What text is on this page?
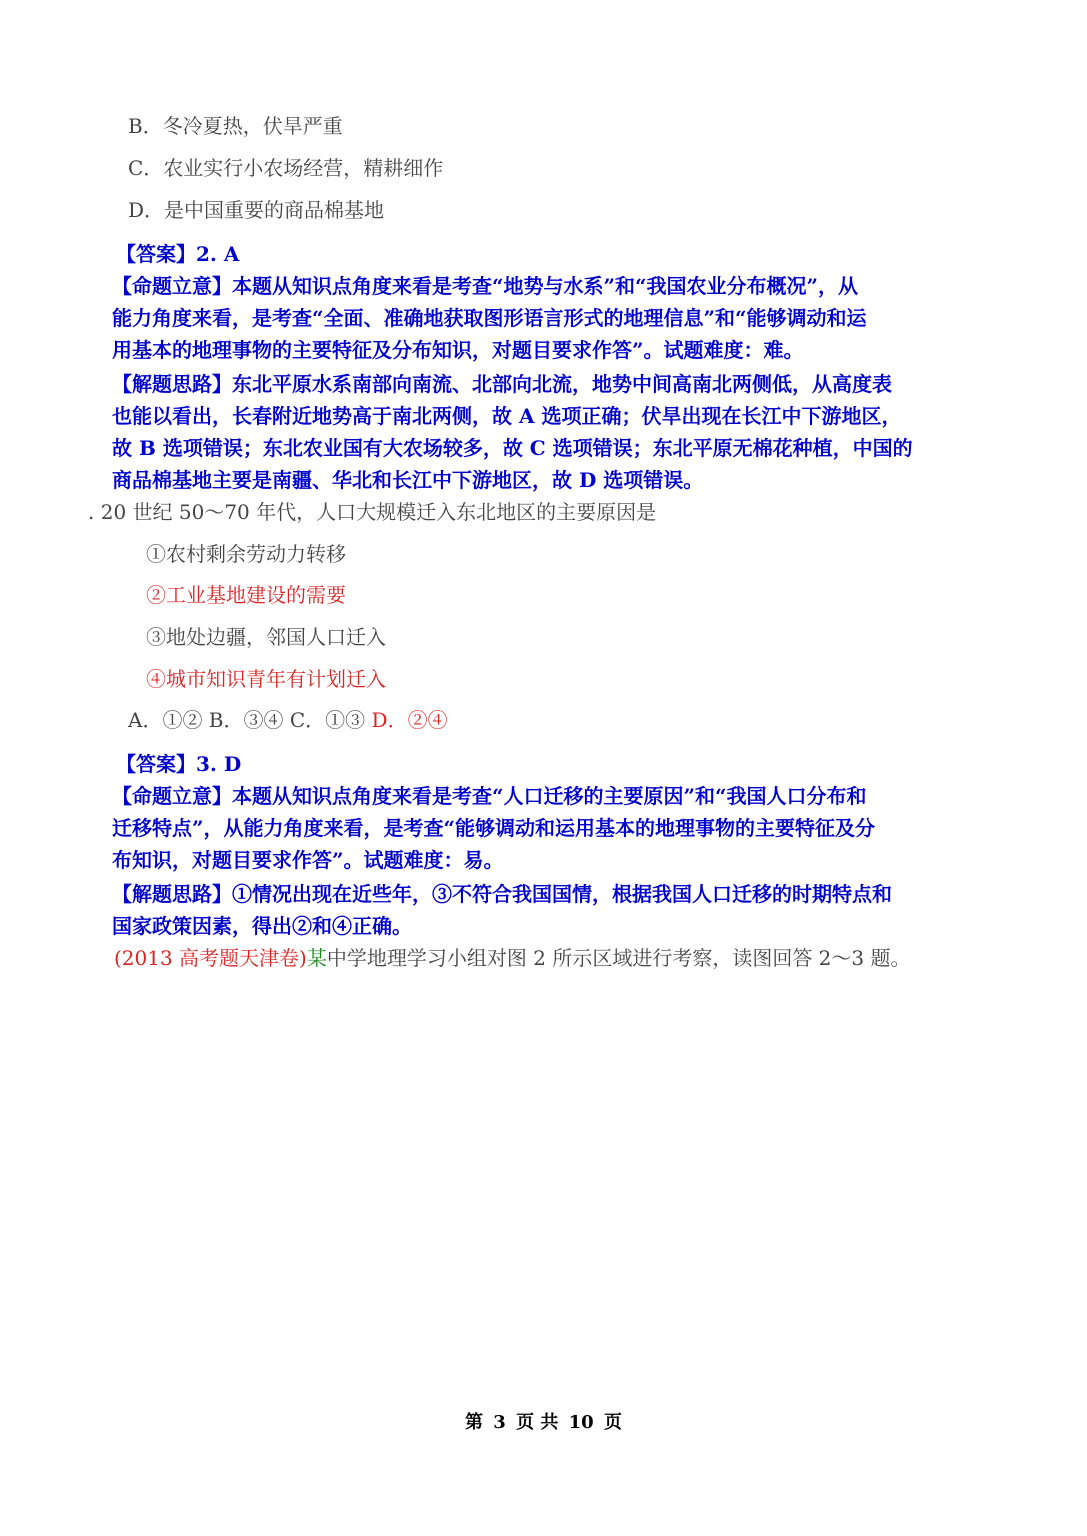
B．冬冷夏热，伏旱严重
C．农业实行小农场经营，精耕细作
D．是中国重要的商品棉基地
【答案】2. A
【命题立意】本题从知识点角度来看是考查“地势与水系”和“我国农业分布概况”，从
能力角度来看，是考查“全面、准确地获取图形语言形式的地理信息”和“能够调动和运
用基本的地理事物的主要特征及分布知识，对题目要求作答”。试题难度：难。
【解题思路】东北平原水系南部向南流、北部向北流，地势中间高南北两侧低，从高度表
也能以看出，长春附近地势高于南北两侧，故 A 选项正确；伏旱出现在长江中下游地区，
故 B 选项错误；东北农业国有大农场较多，故 C 选项错误；东北平原无棉花种植，中国的
商品棉基地主要是南疆、华北和长江中下游地区，故 D 选项错误。
. 20 世纪 50～70 年代，人口大规模迁入东北地区的主要原因是
①农村剩余劳动力转移
②工业基地建设的需要
③地处边疆，邻国人口迁入
④城市知识青年有计划迁入
A．①② B．③④ C．①③ D．②④
【答案】3. D
【命题立意】本题从知识点角度来看是考查“人口迁移的主要原因”和“我国人口分布和
迁移特点”，从能力角度来看，是考查“能够调动和运用基本的地理事物的主要特征及分
布知识，对题目要求作答”。试题难度：易。
【解题思路】①情况出现在近些年，③不符合我国国情，根据我国人口迁移的时期特点和
国家政策因素，得出②和④正确。
(2013 高考题天津卷)某中学地理学习小组对图 2 所示区域进行考察，读图回答 2～3 题。
第 3 页 共 10 页
